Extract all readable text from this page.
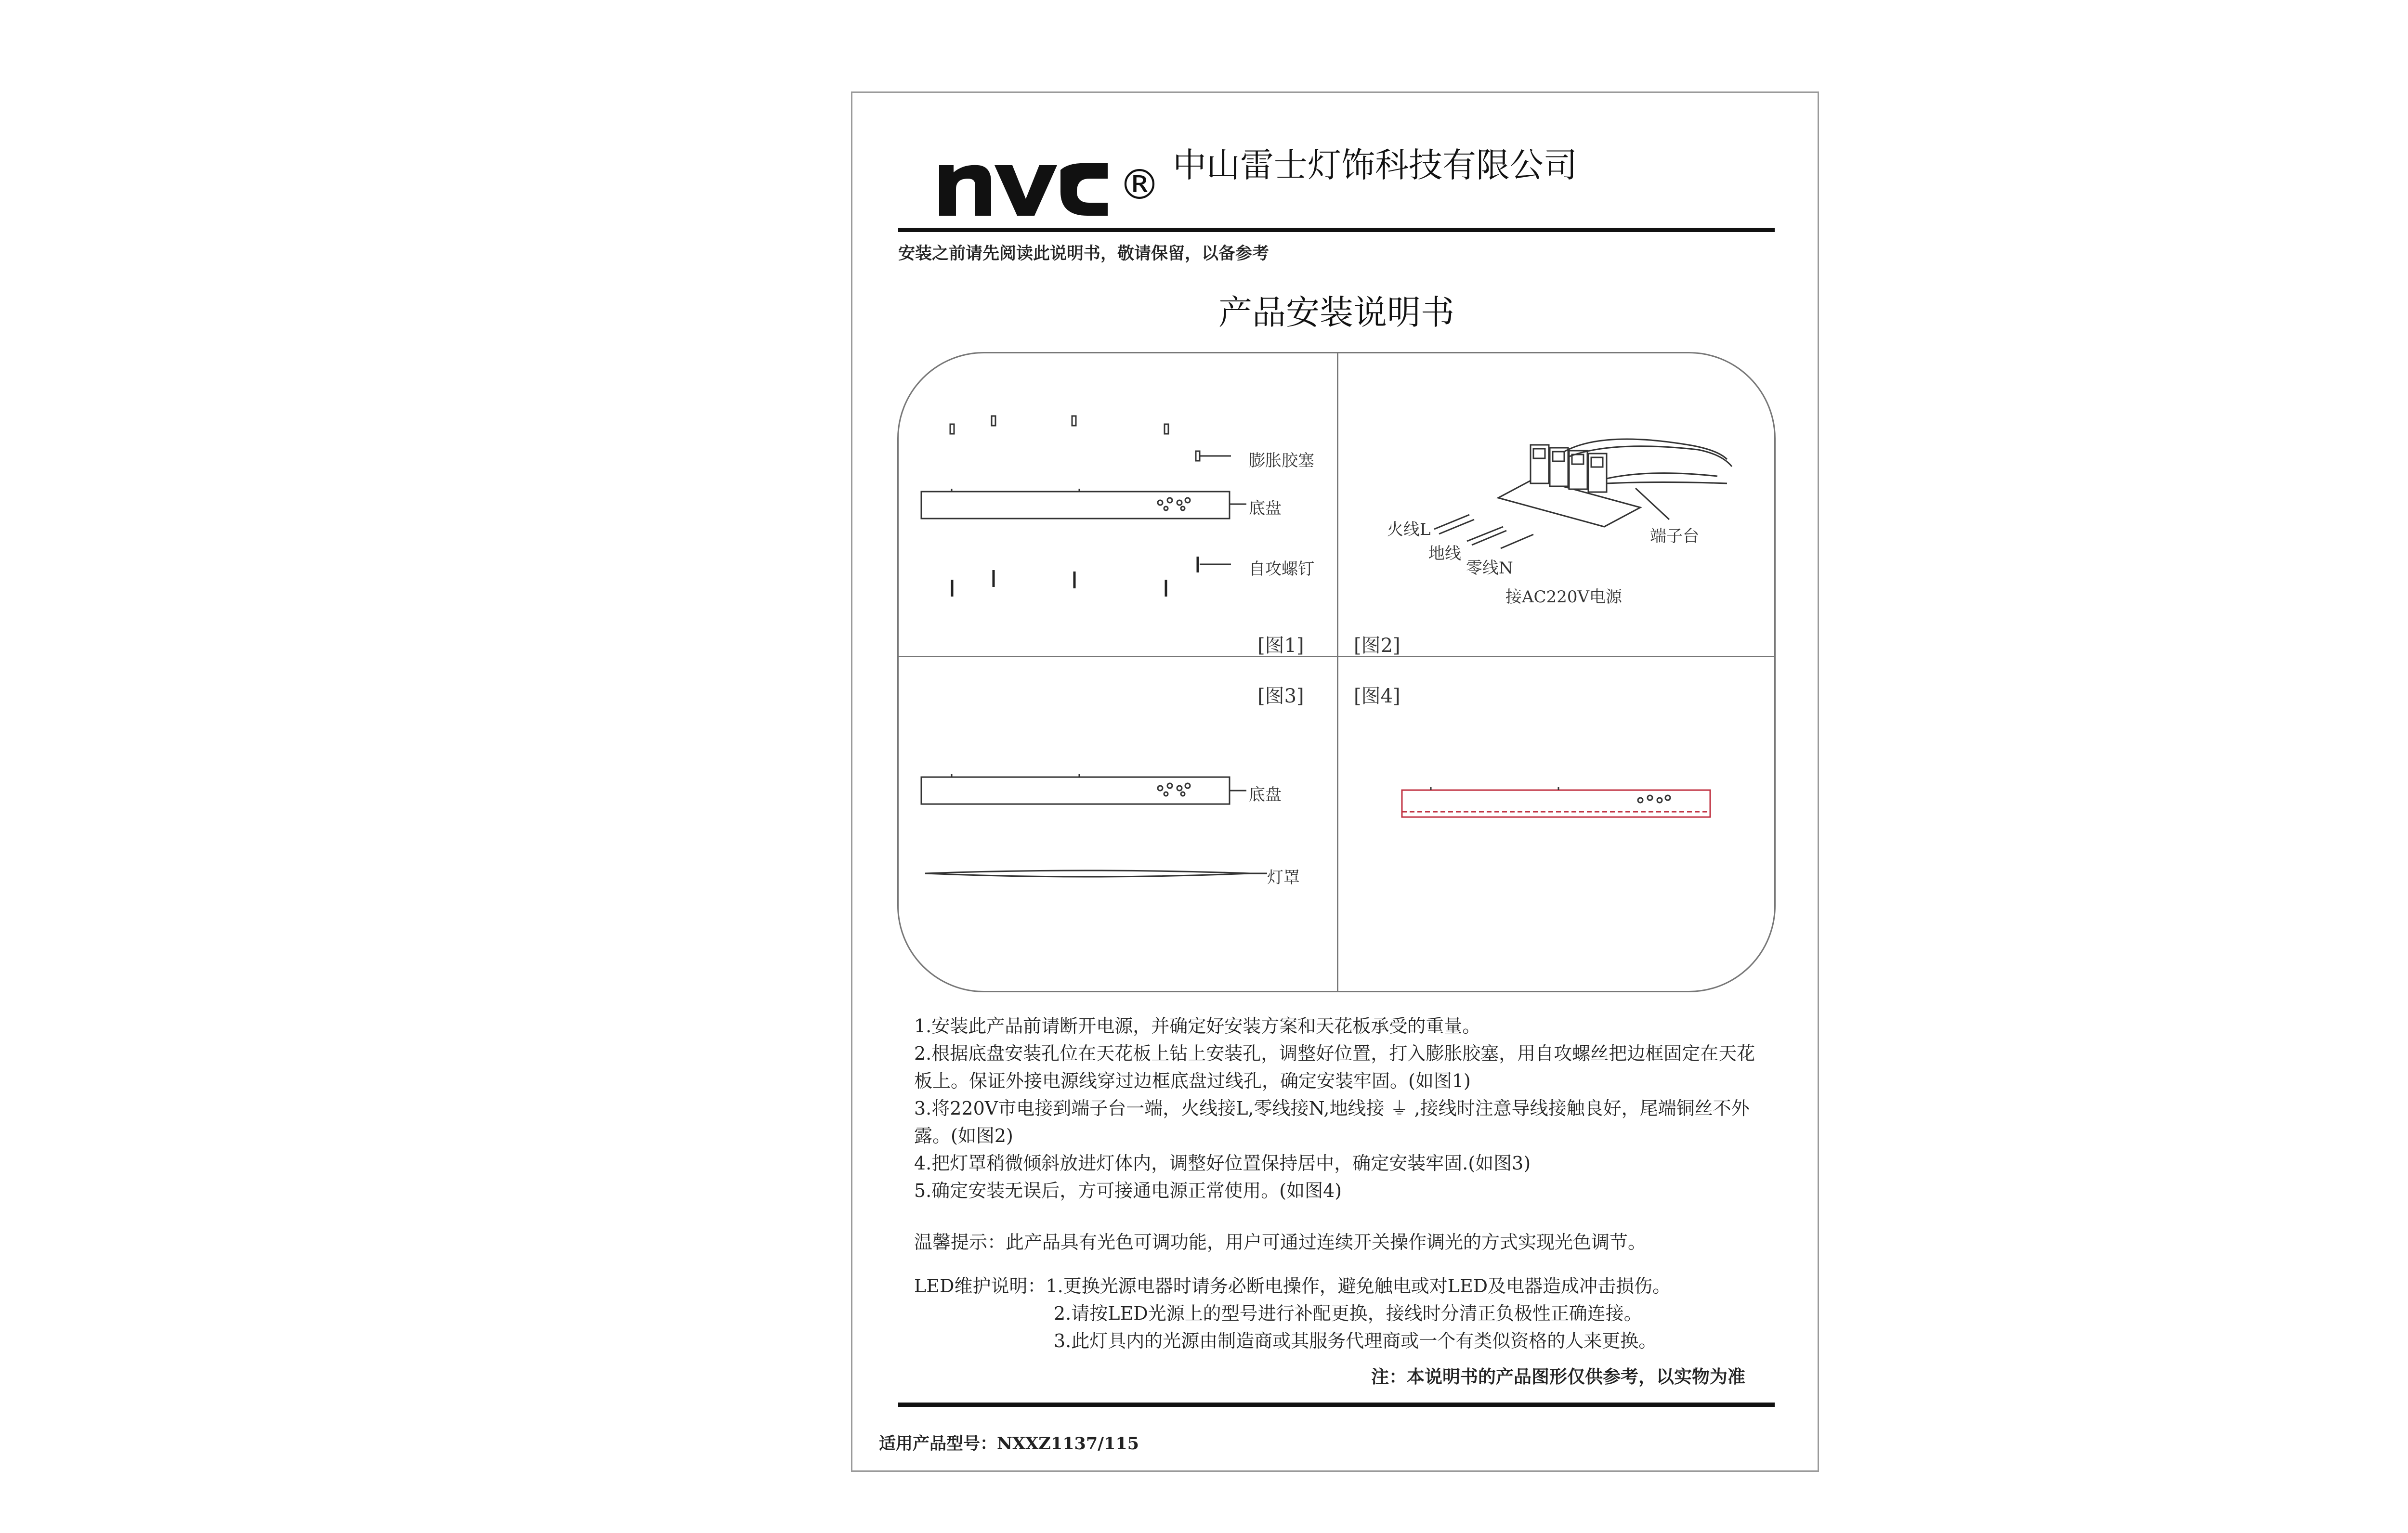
® 中山雷士灯饰科技有限公司
安装之前请先阅读此说明书，敬请保留，以备参考
产品安装说明书
膨胀胶塞
底盘
自攻螺钉
[图1]
火线L
地线
零线N
接AC220V电源
端子台
[图2]
[图3]
底盘
灯罩
[图4]

1.安装此产品前请断开电源，并确定好安装方案和天花板承受的重量。

2.根据底盘安装孔位在天花板上钻上安装孔，调整好位置，打入膨胀胶塞，用自攻螺丝把边框固定在天花板上。保证外接电源线穿过边框底盘过线孔，确定安装牢固。(如图1)

3.将220V市电接到端子台一端，火线接L,零线接N,地线接 ⏚ ,接线时注意导线接触良好，尾端铜丝不外露。(如图2)

4.把灯罩稍微倾斜放进灯体内，调整好位置保持居中，确定安装牢固.(如图3)

5.确定安装无误后，方可接通电源正常使用。(如图4)

温馨提示：此产品具有光色可调功能，用户可通过连续开关操作调光的方式实现光色调节。
LED维护说明：1.更换光源电器时请务必断电操作，避免触电或对LED及电器造成冲击损伤。
2.请按LED光源上的型号进行补配更换，接线时分清正负极性正确连接。
3.此灯具内的光源由制造商或其服务代理商或一个有类似资格的人来更换。
注：本说明书的产品图形仅供参考，以实物为准
适用产品型号：NXXZ1137/115
